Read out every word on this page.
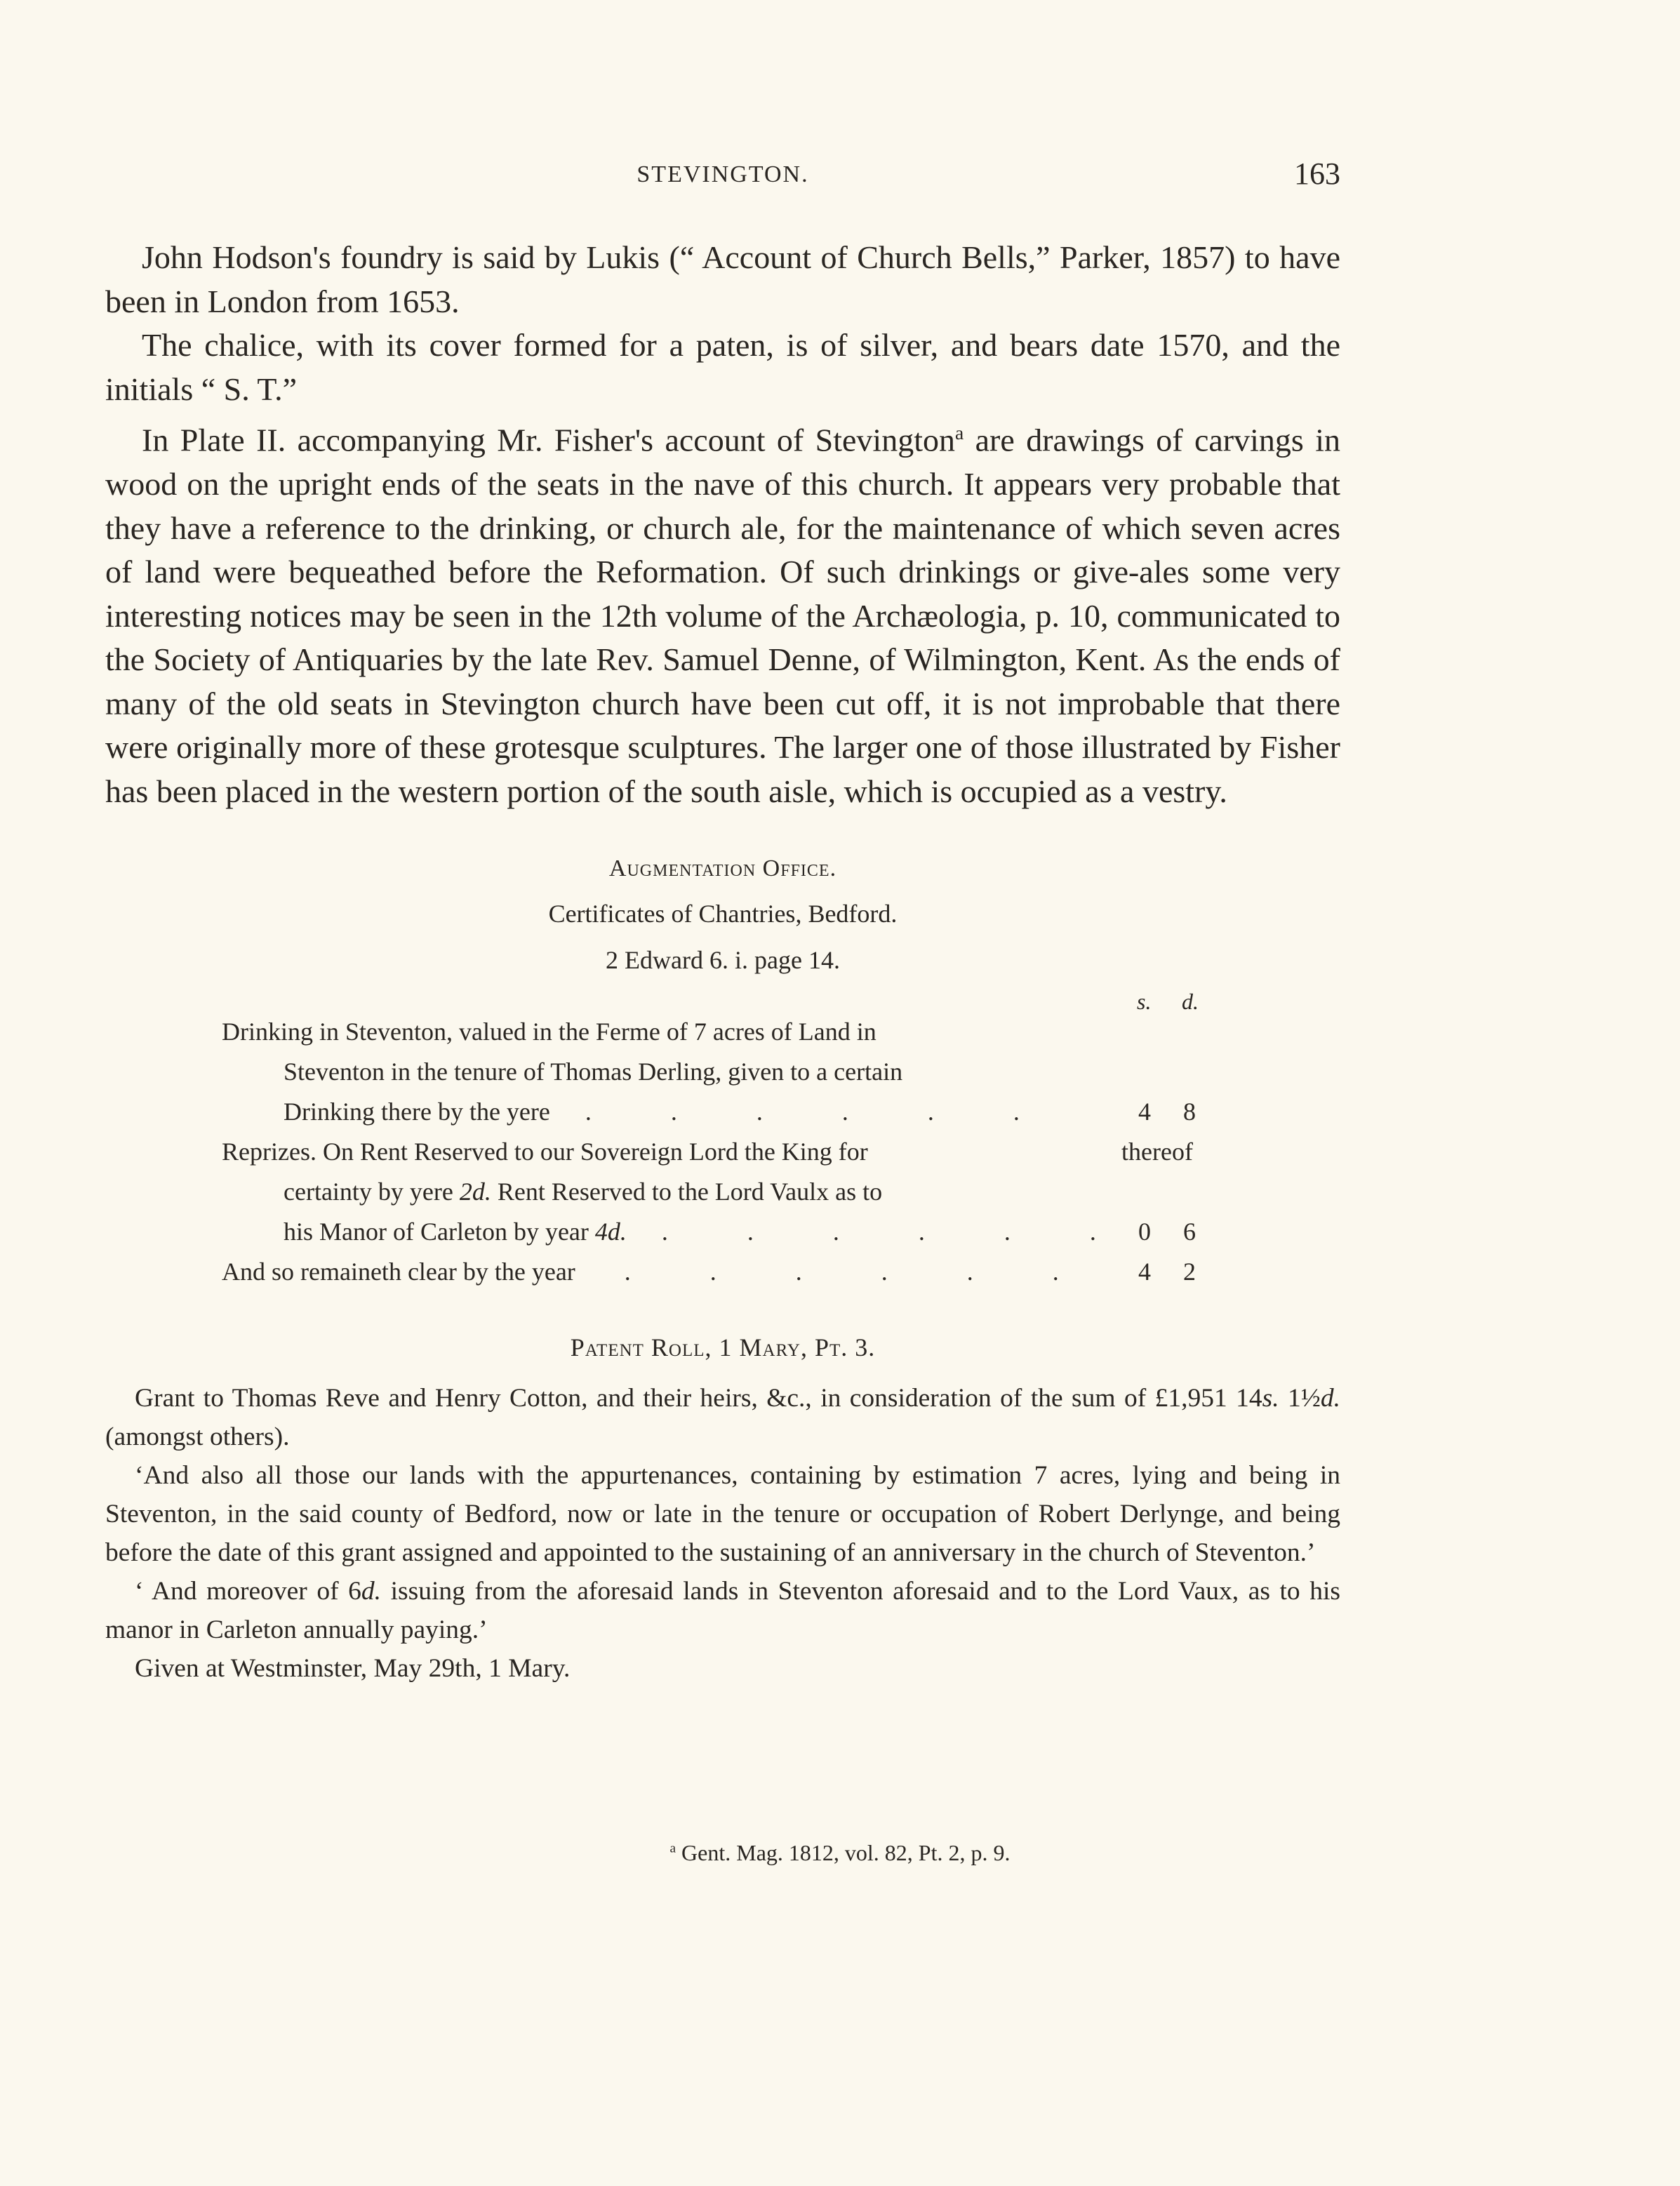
STEVINGTON.	163

John Hodson's foundry is said by Lukis (“ Account of Church Bells,” Parker, 1857) to have been in London from 1653.

The chalice, with its cover formed for a paten, is of silver, and bears date 1570, and the initials “ S. T.”

In Plate II. accompanying Mr. Fisher's account of Stevington$^a$ are drawings of carvings in wood on the upright ends of the seats in the nave of this church. It appears very probable that they have a reference to the drinking, or church ale, for the maintenance of which seven acres of land were bequeathed before the Reformation. Of such drinkings or give-ales some very interesting notices may be seen in the 12th volume of the Archæologia, p. 10, communicated to the Society of Antiquaries by the late Rev. Samuel Denne, of Wilmington, Kent. As the ends of many of the old seats in Stevington church have been cut off, it is not improbable that there were originally more of these grotesque sculptures. The larger one of those illustrated by Fisher has been placed in the western portion of the south aisle, which is occupied as a vestry.

Augmentation Office.
Certificates of Chantries, Bedford.
2 Edward 6. i. page 14.
s. d.
Drinking in Steventon, valued in the Ferme of 7 acres of Land in
Steventon in the tenure of Thomas Derling, given to a certain
Drinking there by the yere . . . . . .	4 8
Reprizes. On Rent Reserved to our Sovereign Lord the King for	thereof
certainty by yere 2d. Rent Reserved to the Lord Vaulx as to
his Manor of Carleton by year 4d. . . . . . . 0 6
And so remaineth clear by the year . . . . . . 4 2
Patent Roll, 1 Mary, Pt. 3.

Grant to Thomas Reve and Henry Cotton, and their heirs, &c., in consideration of the sum of £1,951 14s. 1½d. (amongst others).

‘And also all those our lands with the appurtenances, containing by estimation 7 acres, lying and being in Steventon, in the said county of Bedford, now or late in the tenure or occupation of Robert Derlynge, and being before the date of this grant assigned and appointed to the sustaining of an anniversary in the church of Steventon.’

‘ And moreover of 6d. issuing from the aforesaid lands in Steventon aforesaid and to the Lord Vaux, as to his manor in Carleton annually paying.’

Given at Westminster, May 29th, 1 Mary.

$^a$ Gent. Mag. 1812, vol. 82, Pt. 2, p. 9.
